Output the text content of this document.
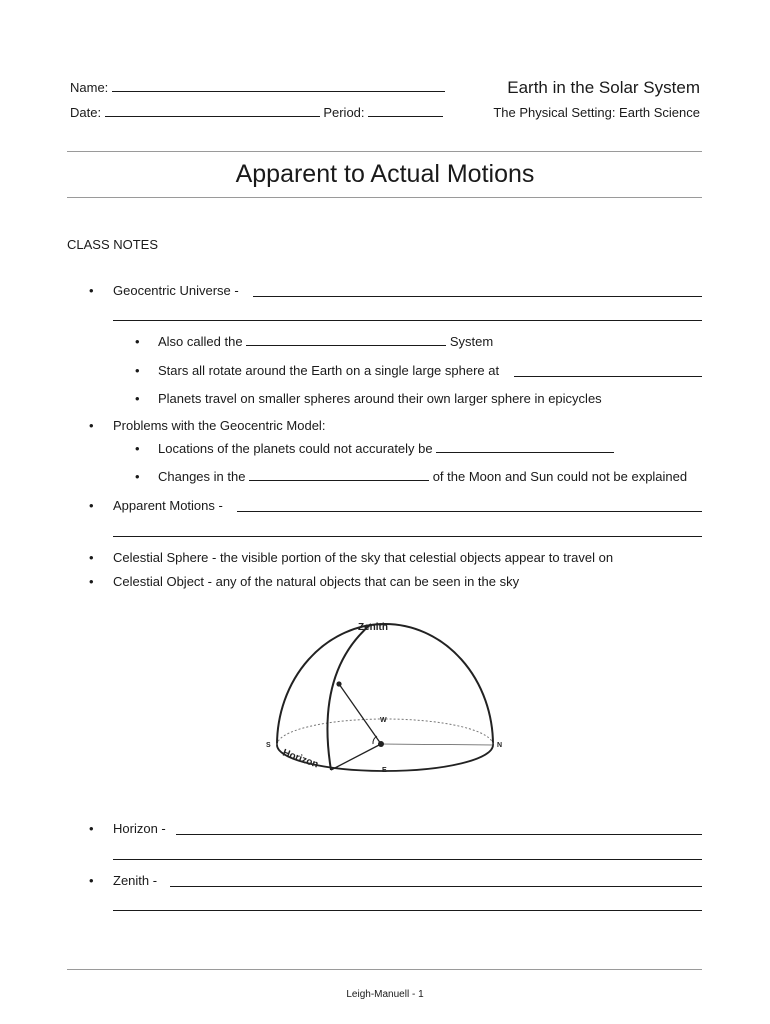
Name:
Date:	Period:
Earth in the Solar System
The Physical Setting: Earth Science
Apparent to Actual Motions
CLASS NOTES
• Geocentric Universe -
• Also called the	System
• Stars all rotate around the Earth on a single large sphere at
• Planets travel on smaller spheres around their own larger sphere in epicycles
• Problems with the Geocentric Model:
• Locations of the planets could not accurately be
• Changes in the	of the Moon and Sun could not be explained
• Apparent Motions -
• Celestial Sphere - the visible portion of the sky that celestial objects appear to travel on
• Celestial Object - any of the natural objects that can be seen in the sky
Zenith
W
E
N
S
Horizon
• Horizon -
• Zenith -
Leigh-Manuell - 1
